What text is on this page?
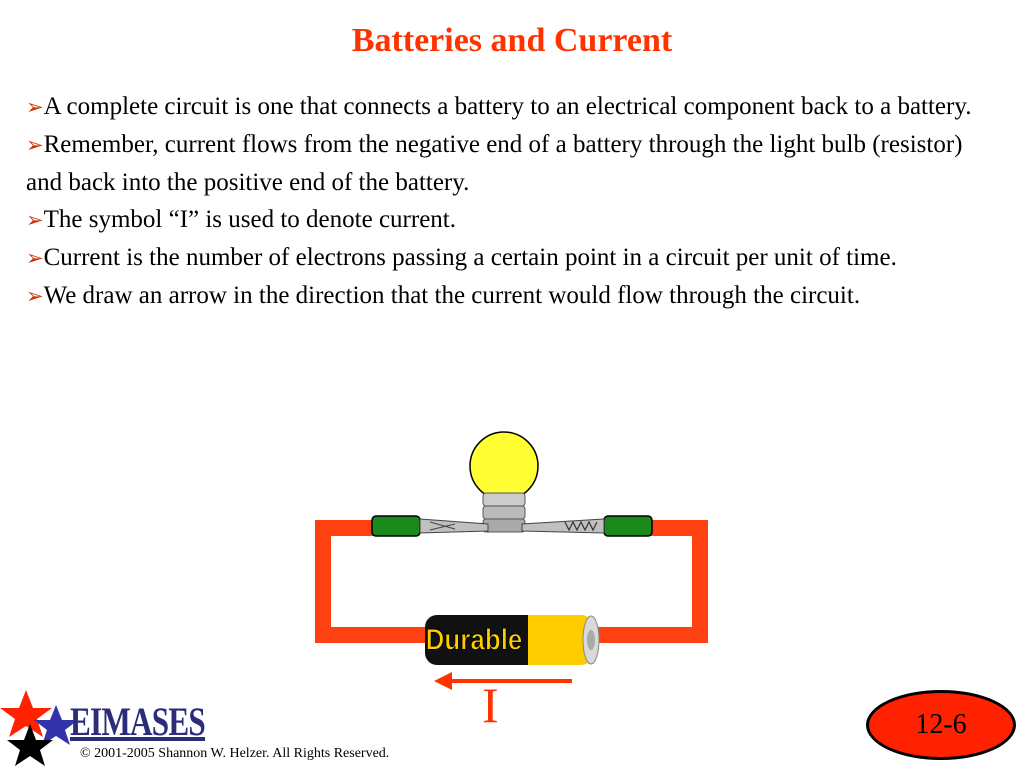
Batteries and Current
➢A complete circuit is one that connects a battery to an electrical component back to a battery.
➢Remember, current flows from the negative end of a battery through the light bulb (resistor) and back into the positive end of the battery.
➢The symbol “I” is used to denote current.
➢Current is the number of electrons passing a certain point in a circuit per unit of time.
➢We draw an arrow in the direction that the current would flow through the circuit.
Durable
I
EIMASES
© 2001-2005 Shannon W. Helzer. All Rights Reserved.
12-6
